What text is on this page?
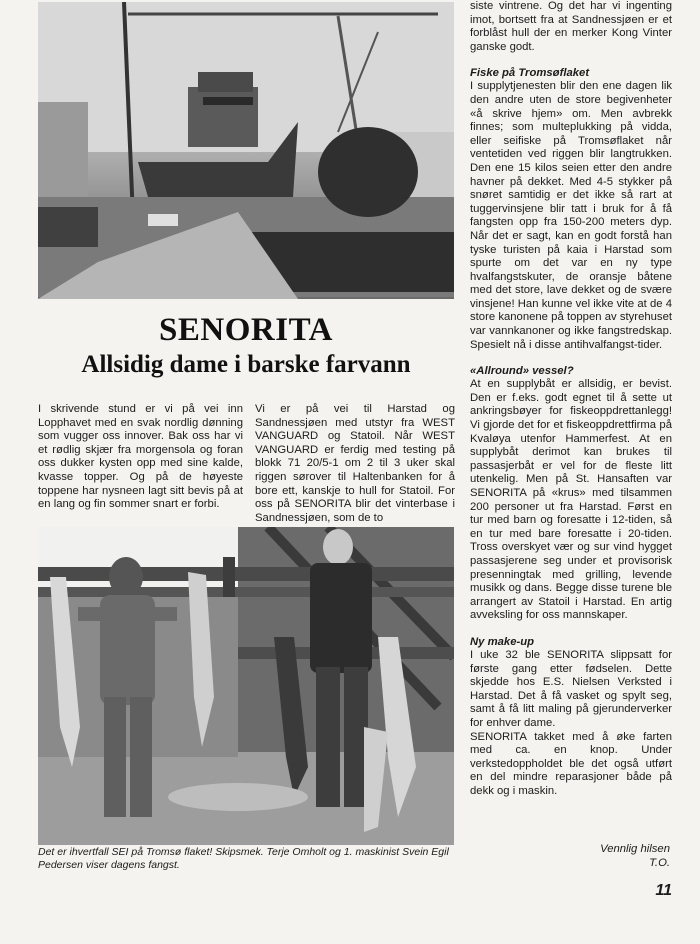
SENORITA
Allsidig dame i barske farvann

I skrivende stund er vi på vei inn Lopphavet med en svak nordlig dønning som vugger oss innover. Bak oss har vi et rødlig skjær fra morgensola og foran oss dukker kysten opp med sine kalde, kvasse topper. Og på de høyeste toppene har nysneen lagt sitt bevis på at en lang og fin sommer snart er forbi.

Vi er på vei til Harstad og Sandnessjøen med utstyr fra WEST VANGUARD og Statoil. Når WEST VANGUARD er ferdig med testing på blokk 71 20/5-1 om 2 til 3 uker skal riggen sørover til Haltenbanken for å bore ett, kanskje to hull for Statoil. For oss på SENORITA blir det vinterbase i Sandnessjøen, som de to

Det er ihvertfall SEI på Tromsø flaket! Skipsmek. Terje Omholt og 1. maskinist Svein Egil Pedersen viser dagens fangst.

siste vintrene. Og det har vi ingenting imot, bortsett fra at Sandnessjøen er et forblåst hull der en merker Kong Vinter ganske godt.

Fiske på Tromsøflaket

I supplytjenesten blir den ene dagen lik den andre uten de store begivenheter «å skrive hjem» om. Men avbrekk finnes; som multeplukking på vidda, eller seifiske på Tromsøflaket når ventetiden ved riggen blir langtrukken. Den ene 15 kilos seien etter den andre havner på dekket. Med 4-5 stykker på snøret samtidig er det ikke så rart at tuggervinsjene blir tatt i bruk for å få fangsten opp fra 150-200 meters dyp. Når det er sagt, kan en godt forstå han tyske turisten på kaia i Harstad som spurte om det var en ny type hvalfangstskuter, de oransje båtene med det store, lave dekket og de svære vinsjene! Han kunne vel ikke vite at de 4 store kanonene på toppen av styrehuset var vannkanoner og ikke fangstredskap. Spesielt nå i disse antihvalfangst-tider.

«Allround» vessel?

At en supplybåt er allsidig, er bevist. Den er f.eks. godt egnet til å sette ut ankringsbøyer for fiskeoppdrettanlegg! Vi gjorde det for et fiskeoppdrettfirma på Kvaløya utenfor Hammerfest. At en supplybåt derimot kan brukes til passasjerbåt er vel for de fleste litt utenkelig. Men på St. Hansaften var SENORITA på «krus» med tilsammen 200 personer ut fra Harstad. Først en tur med barn og foresatte i 12-tiden, så en tur med bare foresatte i 20-tiden. Tross overskyet vær og sur vind hygget passasjerene seg under et provisorisk presenningtak med grilling, levende musikk og dans. Begge disse turene ble arrangert av Statoil i Harstad. En artig avveksling for oss mannskaper.

Ny make-up

I uke 32 ble SENORITA slippsatt for første gang etter fødselen. Dette skjedde hos E.S. Nielsen Verksted i Harstad. Det å få vasket og spylt seg, samt å få litt maling på gjerunderverker for enhver dame.

SENORITA takket med å øke farten med ca. en knop. Under verkstedoppholdet ble det også utført en del mindre reparasjoner både på dekk og i maskin.

Vennlig hilsen
T.O.
11
